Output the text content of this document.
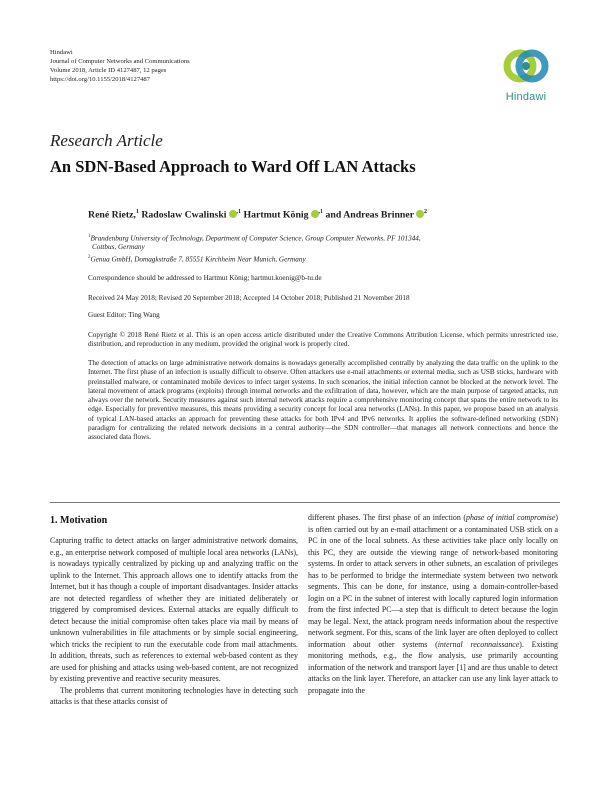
Hindawi
Journal of Computer Networks and Communications
Volume 2018, Article ID 4127487, 12 pages
https://doi.org/10.1155/2018/4127487
Hindawi
Research Article
An SDN-Based Approach to Ward Off LAN Attacks
René Rietz,$^1$ Radoslaw Cwalinski $^{,1}$ Hartmut König $^{,1}$ and Andreas Brinner $^2$
$^1$Brandenburg University of Technology, Department of Computer Science, Group Computer Networks, PF 101344,
Cottbus, Germany
$^2$Genua GmbH, Domagkstraße 7, 85551 Kirchheim Near Munich, Germany
Correspondence should be addressed to Hartmut König; hartmut.koenig@b-tu.de
Received 24 May 2018; Revised 20 September 2018; Accepted 14 October 2018; Published 21 November 2018
Guest Editor: Ting Wang
Copyright © 2018 René Rietz et al. This is an open access article distributed under the Creative Commons Attribution License, which permits unrestricted use, distribution, and reproduction in any medium, provided the original work is properly cited.
The detection of attacks on large administrative network domains is nowadays generally accomplished centrally by analyzing the data traffic on the uplink to the Internet. The first phase of an infection is usually difficult to observe. Often attackers use e-mail attachments or external media, such as USB sticks, hardware with preinstalled malware, or contaminated mobile devices to infect target systems. In such scenarios, the initial infection cannot be blocked at the network level. The lateral movement of attack programs (exploits) through internal networks and the exfiltration of data, however, which are the main purpose of targeted attacks, run always over the network. Security measures against such internal network attacks require a comprehensive monitoring concept that spans the entire network to its edge. Especially for preventive measures, this means providing a security concept for local area networks (LANs). In this paper, we propose based on an analysis of typical LAN-based attacks an approach for preventing these attacks for both IPv4 and IPv6 networks. It applies the software-defined networking (SDN) paradigm for centralizing the related network decisions in a central authority—the SDN controller—that manages all network connections and hence the associated data flows.
1. Motivation

Capturing traffic to detect attacks on larger administrative network domains, e.g., an enterprise network composed of multiple local area networks (LANs), is nowadays typically centralized by picking up and analyzing traffic on the uplink to the Internet. This approach allows one to identify attacks from the Internet, but it has though a couple of important disadvantages. Insider attacks are not detected regardless of whether they are initiated deliberately or triggered by compromised devices. External attacks are equally difficult to detect because the initial compromise often takes place via mail by means of unknown vulnerabilities in file attachments or by simple social engineering, which tricks the recipient to run the executable code from mail attachments. In addition, threats, such as references to external web-based content as they are used for phishing and attacks using web-based content, are not recognized by existing preventive and reactive security measures.

The problems that current monitoring technologies have in detecting such attacks is that these attacks consist of

different phases. The first phase of an infection (phase of initial compromise) is often carried out by an e-mail attachment or a contaminated USB stick on a PC in one of the local subnets. As these activities take place only locally on this PC, they are outside the viewing range of network-based monitoring systems. In order to attack servers in other subnets, an escalation of privileges has to be performed to bridge the intermediate system between two network segments. This can be done, for instance, using a domain-controller-based login on a PC in the subnet of interest with locally captured login information from the first infected PC—a step that is difficult to detect because the login may be legal. Next, the attack program needs information about the respective network segment. For this, scans of the link layer are often deployed to collect information about other systems (internal reconnaissance). Existing monitoring methods, e.g., the flow analysis, use primarily accounting information of the network and transport layer [1] and are thus unable to detect attacks on the link layer. Therefore, an attacker can use any link layer attack to propagate into the
